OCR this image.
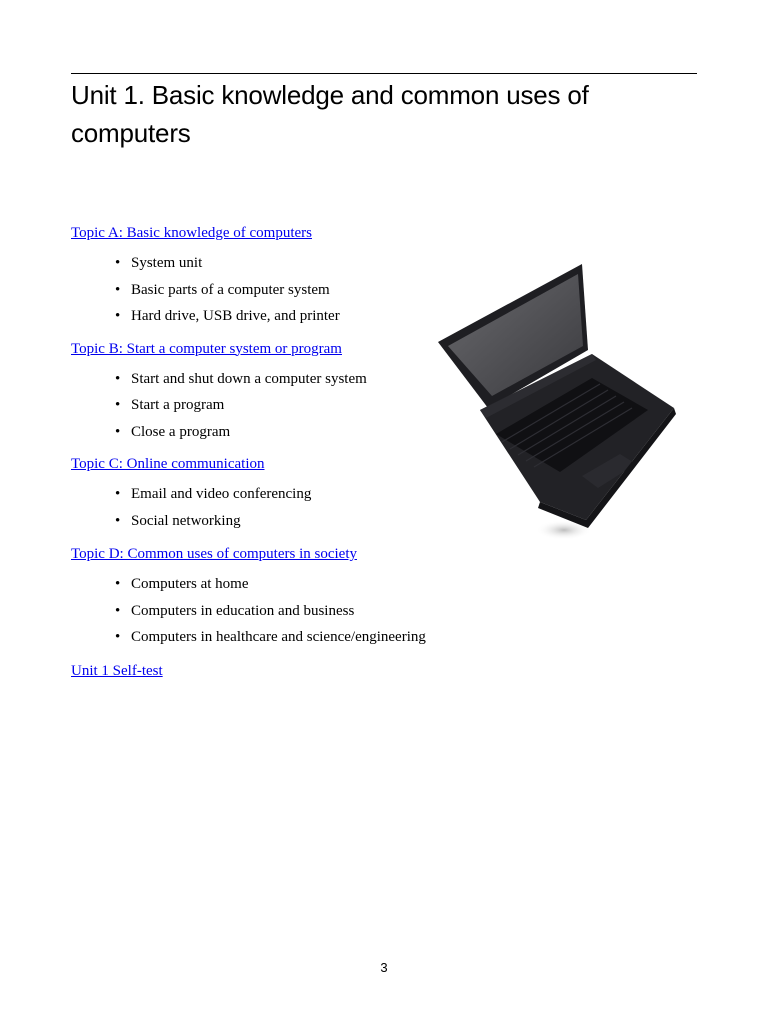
Unit 1. Basic knowledge and common uses of computers
Topic A: Basic knowledge of computers
• System unit
• Basic parts of a computer system
• Hard drive, USB drive, and printer
Topic B: Start a computer system or program
• Start and shut down a computer system
• Start a program
• Close a program
Topic C: Online communication
• Email and video conferencing
• Social networking
Topic D: Common uses of computers in society
• Computers at home
• Computers in education and business
• Computers in healthcare and science/engineering
Unit 1 Self-test
3
